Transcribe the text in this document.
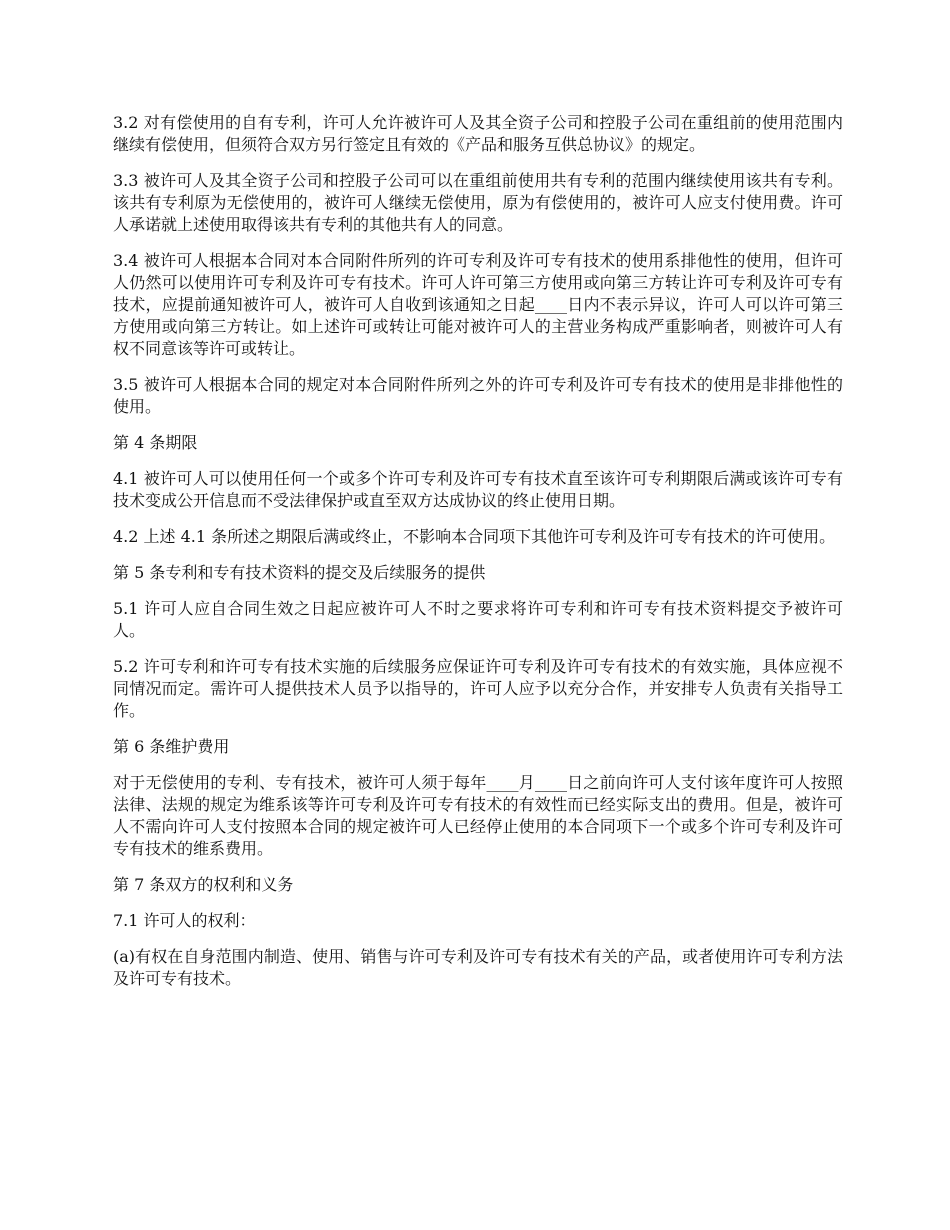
3.2 对有偿使用的自有专利，许可人允许被许可人及其全资子公司和控股子公司在重组前的使用范围内继续有偿使用，但须符合双方另行签定且有效的《产品和服务互供总协议》的规定。

3.3 被许可人及其全资子公司和控股子公司可以在重组前使用共有专利的范围内继续使用该共有专利。该共有专利原为无偿使用的，被许可人继续无偿使用，原为有偿使用的，被许可人应支付使用费。许可人承诺就上述使用取得该共有专利的其他共有人的同意。

3.4 被许可人根据本合同对本合同附件所列的许可专利及许可专有技术的使用系排他性的使用，但许可人仍然可以使用许可专利及许可专有技术。许可人许可第三方使用或向第三方转让许可专利及许可专有技术，应提前通知被许可人，被许可人自收到该通知之日起____日内不表示异议，许可人可以许可第三方使用或向第三方转让。如上述许可或转让可能对被许可人的主营业务构成严重影响者，则被许可人有权不同意该等许可或转让。

3.5 被许可人根据本合同的规定对本合同附件所列之外的许可专利及许可专有技术的使用是非排他性的使用。

第 4 条期限

4.1 被许可人可以使用任何一个或多个许可专利及许可专有技术直至该许可专利期限后满或该许可专有技术变成公开信息而不受法律保护或直至双方达成协议的终止使用日期。

4.2 上述 4.1 条所述之期限后满或终止，不影响本合同项下其他许可专利及许可专有技术的许可使用。

第 5 条专利和专有技术资料的提交及后续服务的提供

5.1 许可人应自合同生效之日起应被许可人不时之要求将许可专利和许可专有技术资料提交予被许可人。

5.2 许可专利和许可专有技术实施的后续服务应保证许可专利及许可专有技术的有效实施，具体应视不同情况而定。需许可人提供技术人员予以指导的，许可人应予以充分合作，并安排专人负责有关指导工作。

第 6 条维护费用

对于无偿使用的专利、专有技术，被许可人须于每年____月____日之前向许可人支付该年度许可人按照法律、法规的规定为维系该等许可专利及许可专有技术的有效性而已经实际支出的费用。但是，被许可人不需向许可人支付按照本合同的规定被许可人已经停止使用的本合同项下一个或多个许可专利及许可专有技术的维系费用。

第 7 条双方的权利和义务

7.1 许可人的权利：

(a)有权在自身范围内制造、使用、销售与许可专利及许可专有技术有关的产品，或者使用许可专利方法及许可专有技术。
